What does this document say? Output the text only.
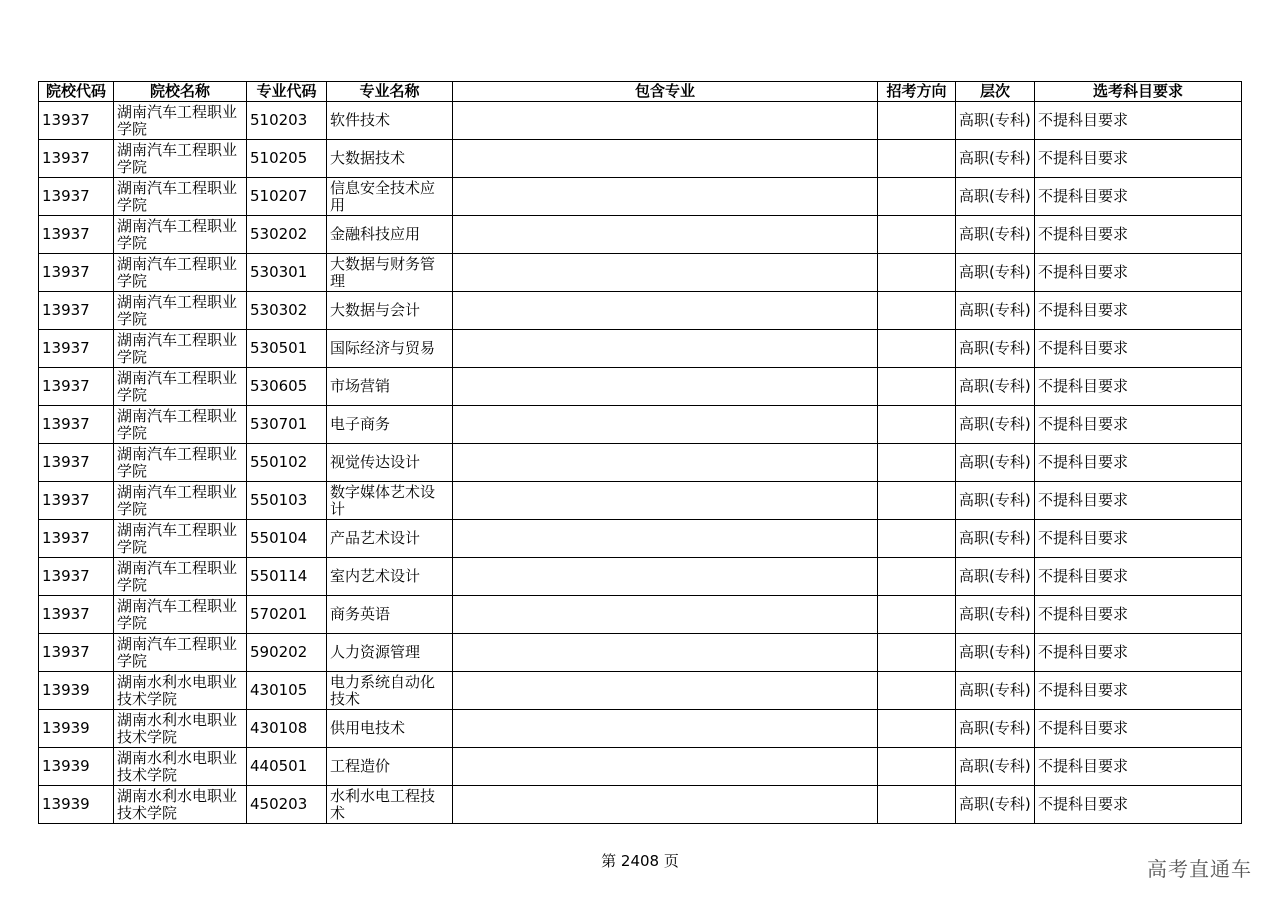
院校代码	院校名称	专业代码	专业名称	包含专业	招考方向	层次	选考科目要求
13937	湖南汽车工程职业学院	510203	软件技术			高职(专科)	不提科目要求
13937	湖南汽车工程职业学院	510205	大数据技术			高职(专科)	不提科目要求
13937	湖南汽车工程职业学院	510207	信息安全技术应用			高职(专科)	不提科目要求
13937	湖南汽车工程职业学院	530202	金融科技应用			高职(专科)	不提科目要求
13937	湖南汽车工程职业学院	530301	大数据与财务管理			高职(专科)	不提科目要求
13937	湖南汽车工程职业学院	530302	大数据与会计			高职(专科)	不提科目要求
13937	湖南汽车工程职业学院	530501	国际经济与贸易			高职(专科)	不提科目要求
13937	湖南汽车工程职业学院	530605	市场营销			高职(专科)	不提科目要求
13937	湖南汽车工程职业学院	530701	电子商务			高职(专科)	不提科目要求
13937	湖南汽车工程职业学院	550102	视觉传达设计			高职(专科)	不提科目要求
13937	湖南汽车工程职业学院	550103	数字媒体艺术设计			高职(专科)	不提科目要求
13937	湖南汽车工程职业学院	550104	产品艺术设计			高职(专科)	不提科目要求
13937	湖南汽车工程职业学院	550114	室内艺术设计			高职(专科)	不提科目要求
13937	湖南汽车工程职业学院	570201	商务英语			高职(专科)	不提科目要求
13937	湖南汽车工程职业学院	590202	人力资源管理			高职(专科)	不提科目要求
13939	湖南水利水电职业技术学院	430105	电力系统自动化技术			高职(专科)	不提科目要求
13939	湖南水利水电职业技术学院	430108	供用电技术			高职(专科)	不提科目要求
13939	湖南水利水电职业技术学院	440501	工程造价			高职(专科)	不提科目要求
13939	湖南水利水电职业技术学院	450203	水利水电工程技术			高职(专科)	不提科目要求
第 2408 页	高考直通车
